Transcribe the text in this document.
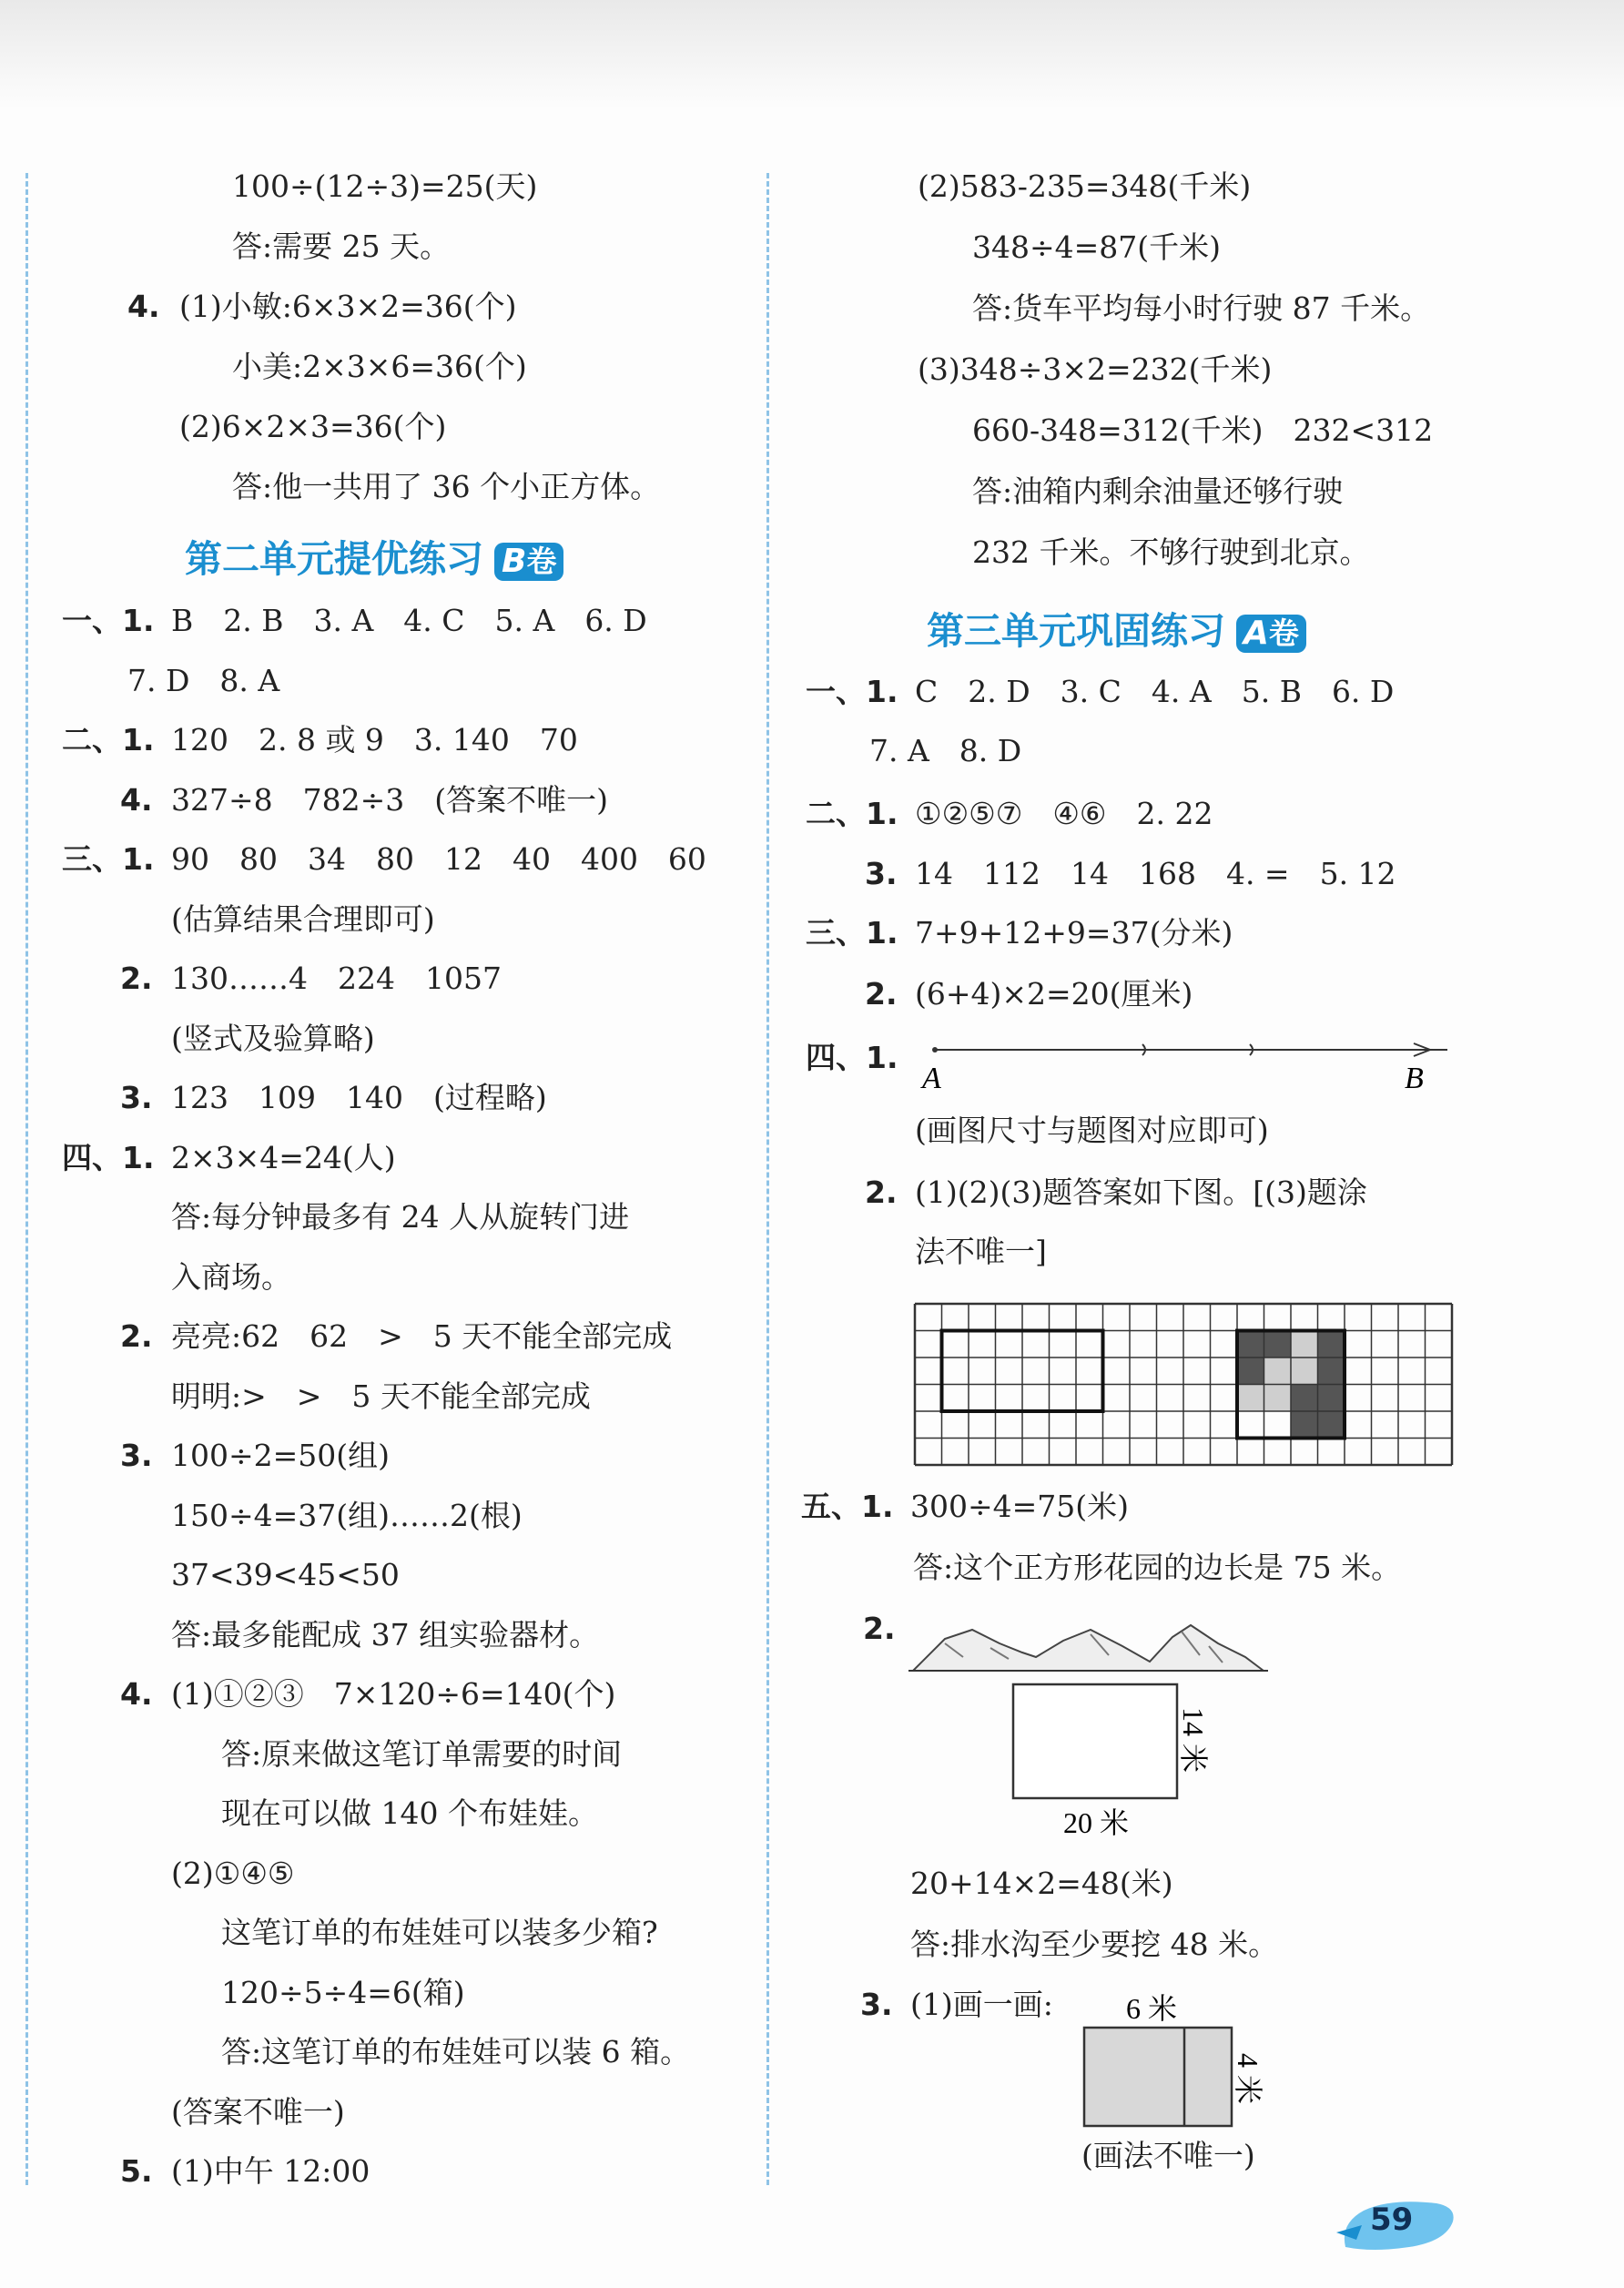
第二单元提优练习 B卷
第三单元巩固练习 A卷
A	B
20 米
14 米
6 米
4 米
(画法不唯一)
59
100÷(12÷3)=25(天)
答:需要 25 天。
4. (1)小敏:6×3×2=36(个)
小美:2×3×6=36(个)
(2)6×2×3=36(个)
答:他一共用了 36 个小正方体。
一、1. B　2. B　3. A　4. C　5. A　6. D
7. D　8. A
二、1. 120　2. 8 或 9　3. 140　70
4. 327÷8　782÷3　(答案不唯一)
三、1. 90　80　34　80　12　40　400　60
(估算结果合理即可)
2. 130……4　224　1057
(竖式及验算略)
3. 123　109　140　(过程略)
四、1. 2×3×4=24(人)
答:每分钟最多有 24 人从旋转门进
入商场。
2. 亮亮:62　62　>　5 天不能全部完成
明明:>　>　5 天不能全部完成
3. 100÷2=50(组)
150÷4=37(组)……2(根)
37<39<45<50
答:最多能配成 37 组实验器材。
4. (1)①②③　7×120÷6=140(个)
答:原来做这笔订单需要的时间
现在可以做 140 个布娃娃。
(2)①④⑤
这笔订单的布娃娃可以装多少箱?
120÷5÷4=6(箱)
答:这笔订单的布娃娃可以装 6 箱。
(答案不唯一)
5. (1)中午 12:00
(2)583-235=348(千米)
348÷4=87(千米)
答:货车平均每小时行驶 87 千米。
(3)348÷3×2=232(千米)
660-348=312(千米)　232<312
答:油箱内剩余油量还够行驶
232 千米。不够行驶到北京。
一、1. C　2. D　3. C　4. A　5. B　6. D
7. A　8. D
二、1. ①②⑤⑦　④⑥　2. 22
3. 14　112　14　168　4. =　5. 12
三、1. 7+9+12+9=37(分米)
2. (6+4)×2=20(厘米)
四、1.
(画图尺寸与题图对应即可)
2. (1)(2)(3)题答案如下图。[(3)题涂
法不唯一]
五、1. 300÷4=75(米)
答:这个正方形花园的边长是 75 米。
2.
20+14×2=48(米)
答:排水沟至少要挖 48 米。
3. (1)画一画:
